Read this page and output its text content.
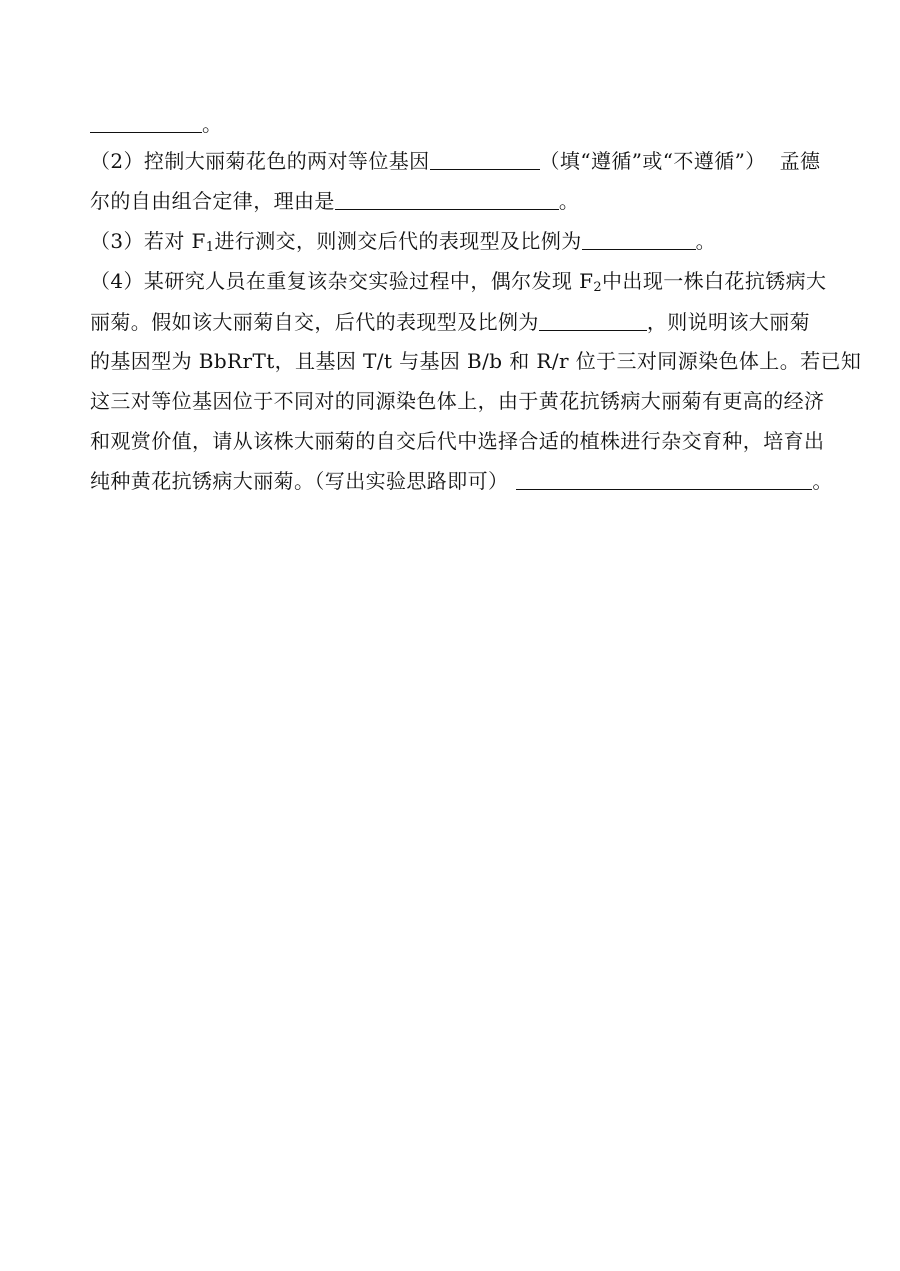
。
（2）控制大丽菊花色的两对等位基因	（填“遵循”或“不遵循”） 孟德
尔的自由组合定律，理由是	。
（3）若对 $F_1$进行测交，则测交后代的表现型及比例为	。
（4）某研究人员在重复该杂交实验过程中，偶尔发现 $F_2$中出现一株白花抗锈病大
丽菊。假如该大丽菊自交，后代的表现型及比例为	，则说明该大丽菊
的基因型为 BbRrTt，且基因 T/t 与基因 B/b 和 R/r 位于三对同源染色体上。若已知
这三对等位基因位于不同对的同源染色体上，由于黄花抗锈病大丽菊有更高的经济
和观赏价值，请从该株大丽菊的自交后代中选择合适的植株进行杂交育种，培育出
纯种黄花抗锈病大丽菊。（写出实验思路即可）	。
